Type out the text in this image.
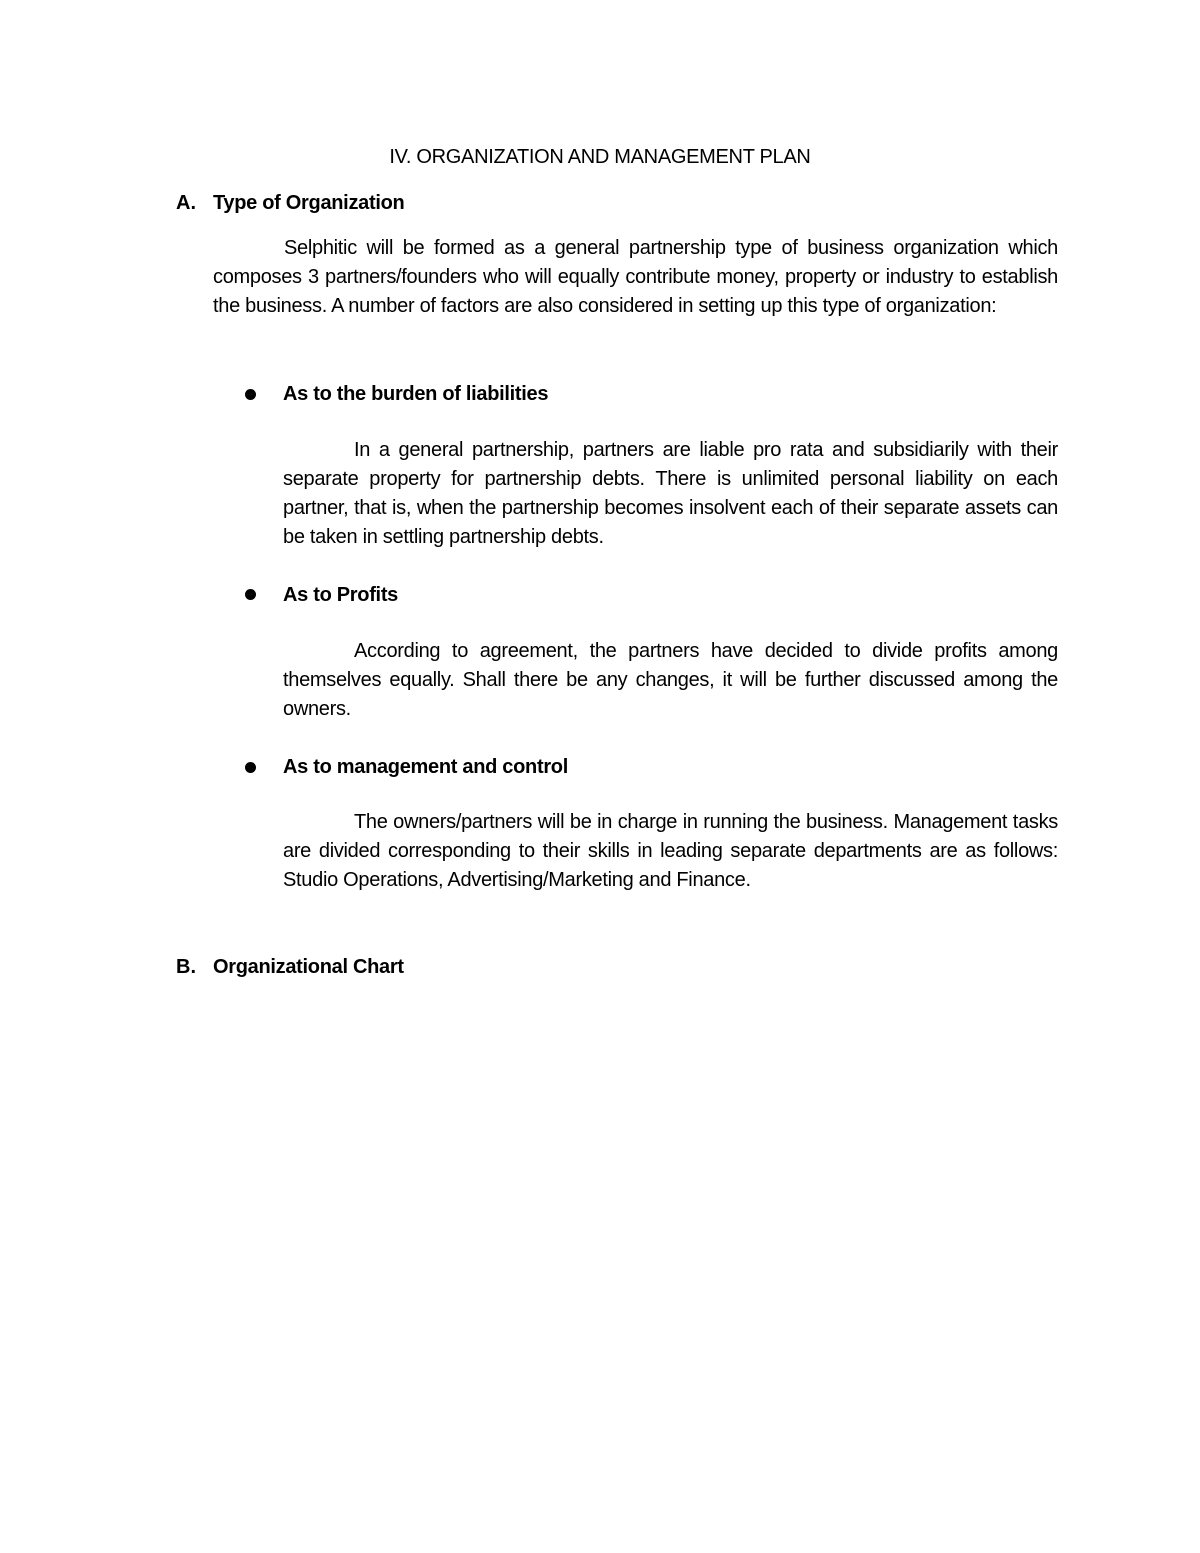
IV. ORGANIZATION AND MANAGEMENT PLAN
A. Type of Organization

Selphitic will be formed as a general partnership type of business organization which composes 3 partners/founders who will equally contribute money, property or industry to establish the business. A number of factors are also considered in setting up this type of organization:

As to the burden of liabilities

In a general partnership, partners are liable pro rata and subsidiarily with their separate property for partnership debts. There is unlimited personal liability on each partner, that is, when the partnership becomes insolvent each of their separate assets can be taken in settling partnership debts.

As to Profits

According to agreement, the partners have decided to divide profits among themselves equally. Shall there be any changes, it will be further discussed among the owners.

As to management and control

The owners/partners will be in charge in running the business. Management tasks are divided corresponding to their skills in leading separate departments are as follows: Studio Operations, Advertising/Marketing and Finance.

B. Organizational Chart
